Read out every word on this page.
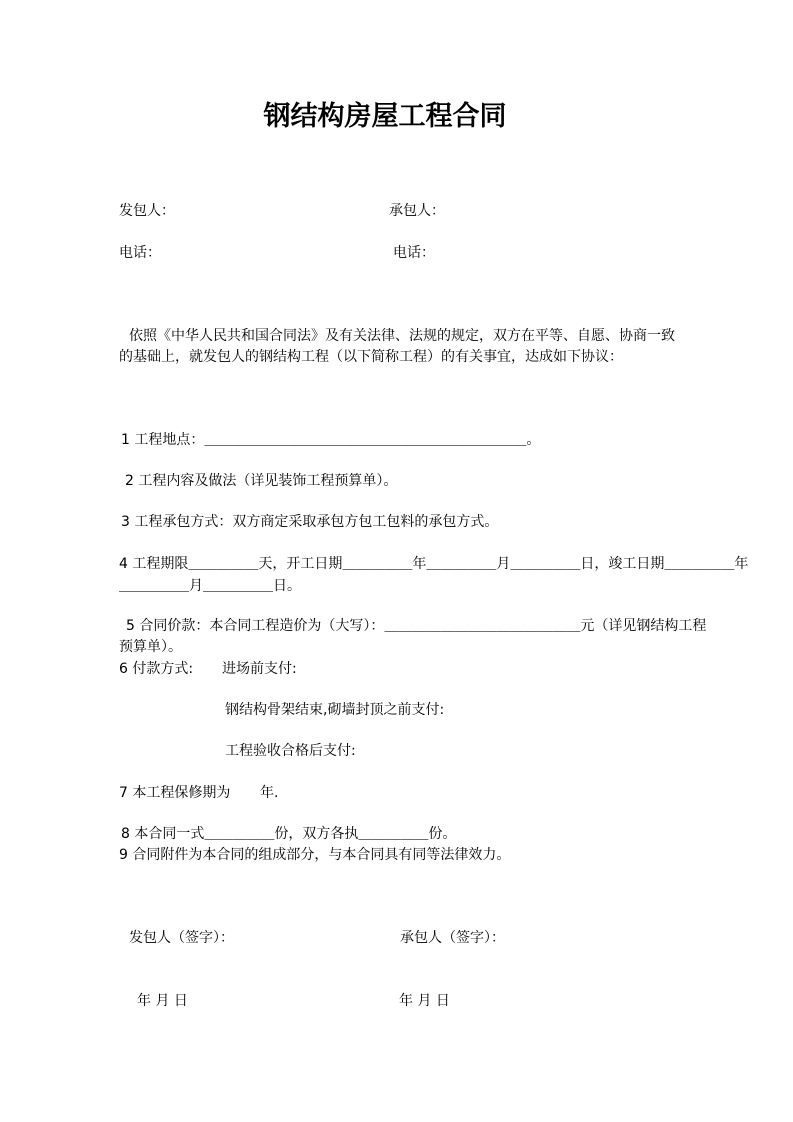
钢结构房屋工程合同

发包人：	承包人：

电话：	电话：

依照《中华人民共和国合同法》及有关法律、法规的规定，双方在平等、自愿、协商一致

的基础上，就发包人的钢结构工程（以下简称工程）的有关事宜，达成如下协议：

1 工程地点：＿＿＿＿＿＿＿＿＿＿＿＿＿＿＿＿＿＿＿＿＿＿＿。

2 工程内容及做法（详见装饰工程预算单）。

3 工程承包方式：双方商定采取承包方包工包料的承包方式。

4 工程期限＿＿＿＿＿天，开工日期＿＿＿＿＿年＿＿＿＿＿月＿＿＿＿＿日，竣工日期＿＿＿＿＿年

＿＿＿＿＿月＿＿＿＿＿日。

5 合同价款：本合同工程造价为（大写）：＿＿＿＿＿＿＿＿＿＿＿＿＿＿元（详见钢结构工程

预算单）。

6 付款方式: 进场前支付:

钢结构骨架结束,砌墙封顶之前支付:

工程验收合格后支付:

7 本工程保修期为 年.

8 本合同一式＿＿＿＿＿份，双方各执＿＿＿＿＿份。

9 合同附件为本合同的组成部分，与本合同具有同等法律效力。

发包人（签字）：	承包人（签字）：

年 月 日	年 月 日
